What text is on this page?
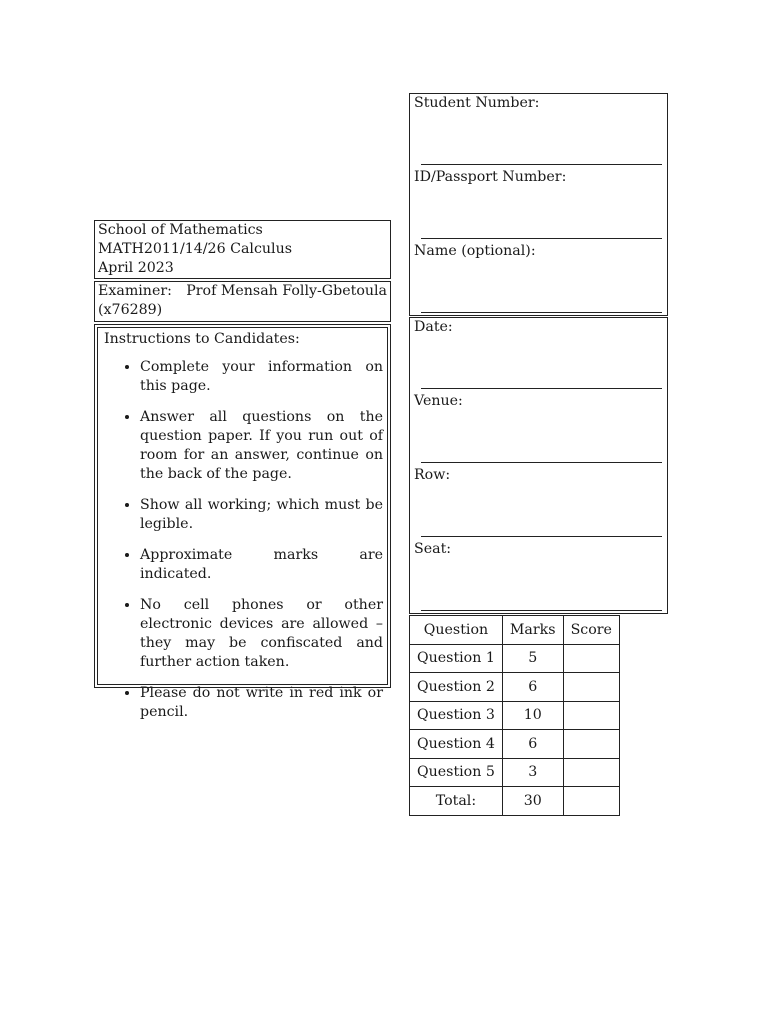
School of Mathematics
MATH2011/14/26 Calculus
April 2023
Examiner: Prof Mensah Folly-Gbetoula
(x76289)
Instructions to Candidates:
• Complete your information on this page.
• Answer all questions on the question paper. If you run out of room for an answer, continue on the back of the page.
• Show all working; which must be legible.
• Approximate marks are indicated.
• No cell phones or other electronic devices are allowed – they may be confiscated and further action taken.
• Please do not write in red ink or pencil.
Student Number:
ID/Passport Number:
Name (optional):
Date:
Venue:
Row:
Seat:
Question	Marks	Score
Question 1	5	
Question 2	6	
Question 3	10	
Question 4	6	
Question 5	3	
Total:	30	
